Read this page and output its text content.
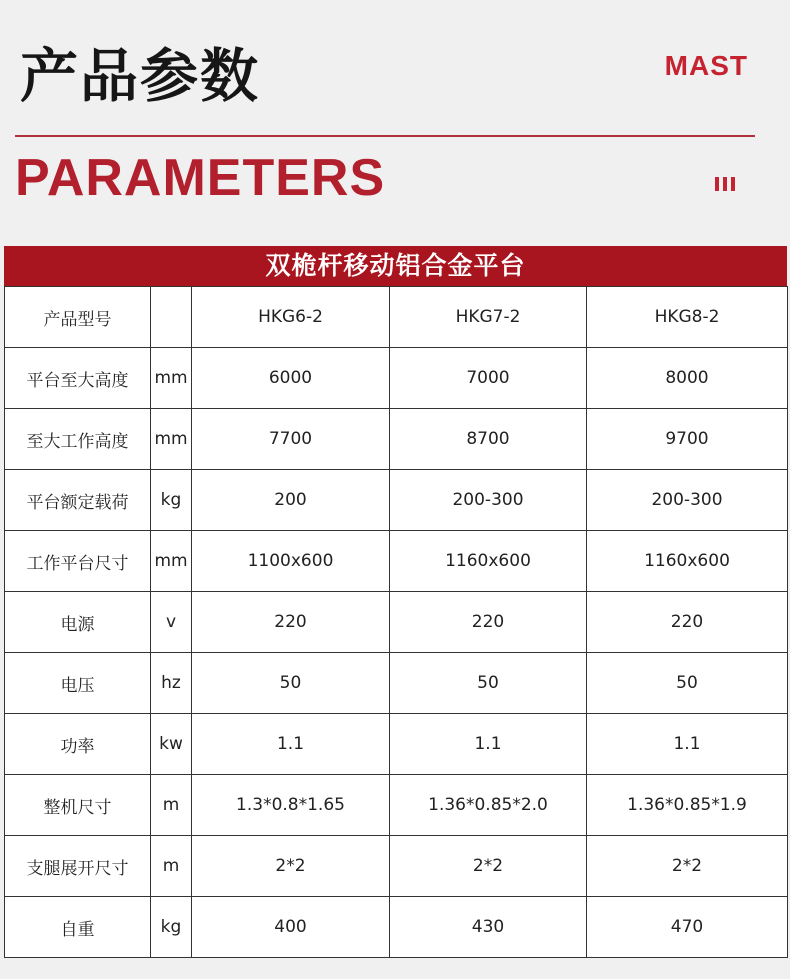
产品参数	MAST
PARAMETERS
双桅杆移动铝合金平台
产品型号		HKG6-2	HKG7-2	HKG8-2
平台至大高度	mm	6000	7000	8000
至大工作高度	mm	7700	8700	9700
平台额定载荷	kg	200	200-300	200-300
工作平台尺寸	mm	1100x600	1160x600	1160x600
电源	v	220	220	220
电压	hz	50	50	50
功率	kw	1.1	1.1	1.1
整机尺寸	m	1.3*0.8*1.65	1.36*0.85*2.0	1.36*0.85*1.9
支腿展开尺寸	m	2*2	2*2	2*2
自重	kg	400	430	470
